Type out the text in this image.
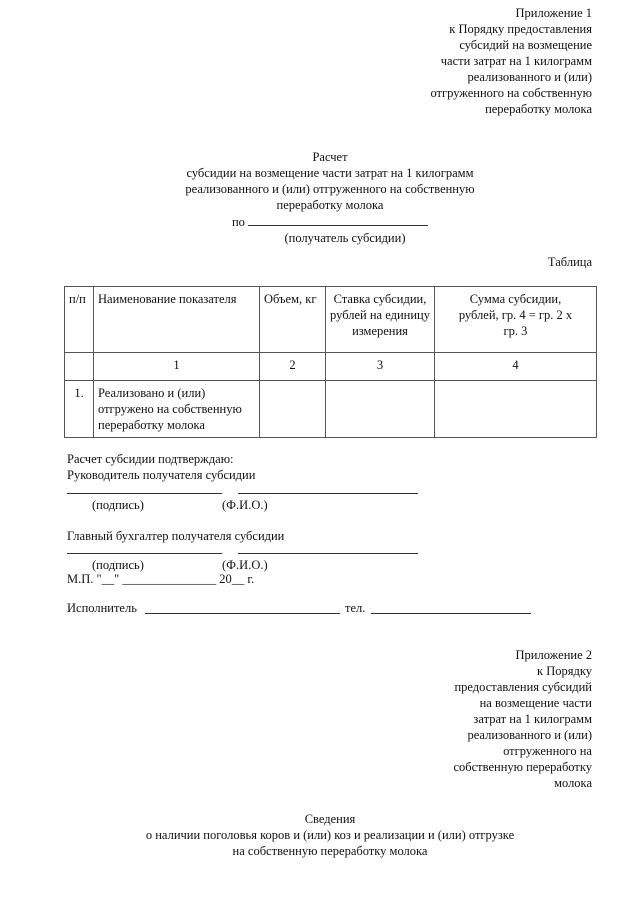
Приложение 1
к Порядку предоставления
субсидий на возмещение
части затрат на 1 килограмм
реализованного и (или)
отгруженного на собственную
переработку молока
Расчет
субсидии на возмещение части затрат на 1 килограмм
реализованного и (или) отгруженного на собственную
переработку молока
по
(получатель субсидии)
Таблица
п/п	Наименование показателя	Объем, кг	Ставка субсидии, рублей на единицу измерения	Сумма субсидии, рублей, гр. 4 = гр. 2 х гр. 3
	1	2	3	4
1.	Реализовано и (или) отгружено на собственную переработку молока			
Расчет субсидии подтверждаю:
Руководитель получателя субсидии
(подпись)	(Ф.И.О.)
Главный бухгалтер получателя субсидии
(подпись)	(Ф.И.О.)
М.П. "__" _______________ 20__ г.
Исполнитель	тел.
Приложение 2
к Порядку
предоставления субсидий
на возмещение части
затрат на 1 килограмм
реализованного и (или)
отгруженного на
собственную переработку
молока
Сведения
о наличии поголовья коров и (или) коз и реализации и (или) отгрузке
на собственную переработку молока
